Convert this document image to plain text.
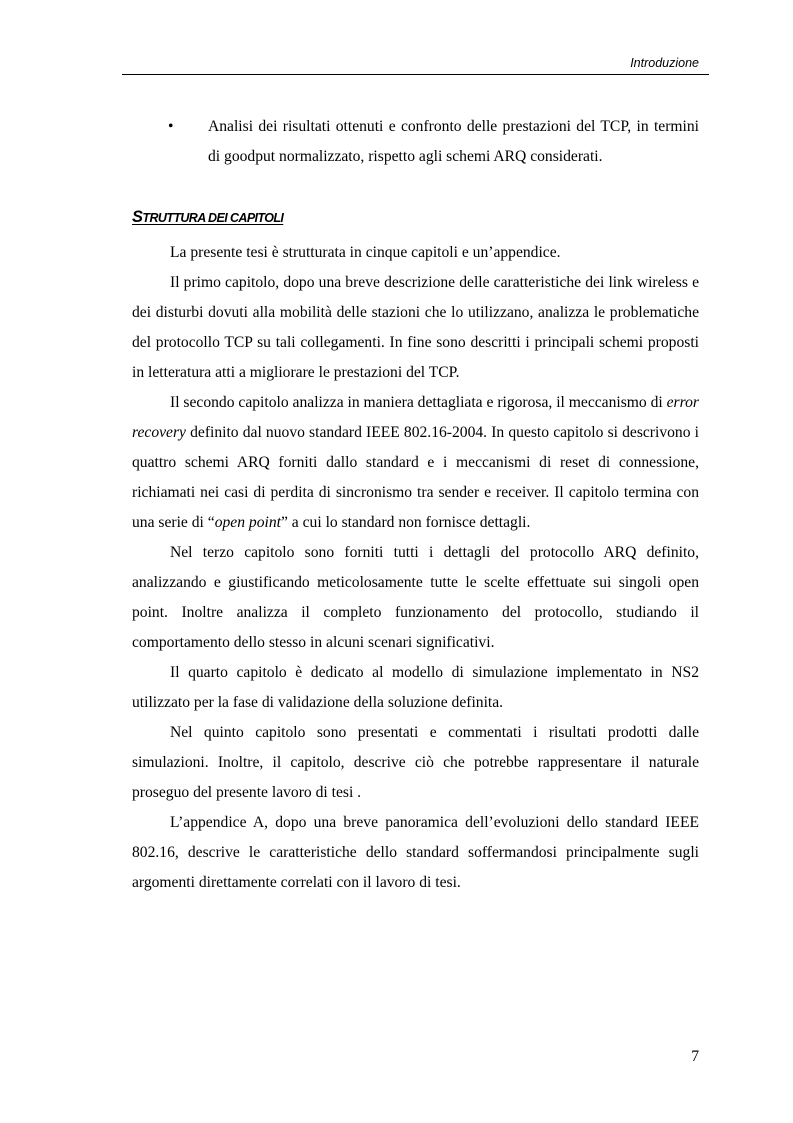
Introduzione
• Analisi dei risultati ottenuti e confronto delle prestazioni del TCP, in termini di goodput normalizzato, rispetto agli schemi ARQ considerati.
STRUTTURA DEI CAPITOLI

La presente tesi è strutturata in cinque capitoli e un’appendice.

Il primo capitolo, dopo una breve descrizione delle caratteristiche dei link wireless e dei disturbi dovuti alla mobilità delle stazioni che lo utilizzano, analizza le problematiche del protocollo TCP su tali collegamenti. In fine sono descritti i principali schemi proposti in letteratura atti a migliorare le prestazioni del TCP.

Il secondo capitolo analizza in maniera dettagliata e rigorosa, il meccanismo di error recovery definito dal nuovo standard IEEE 802.16-2004. In questo capitolo si descrivono i quattro schemi ARQ forniti dallo standard e i meccanismi di reset di connessione, richiamati nei casi di perdita di sincronismo tra sender e receiver. Il capitolo termina con una serie di “open point” a cui lo standard non fornisce dettagli.

Nel terzo capitolo sono forniti tutti i dettagli del protocollo ARQ definito, analizzando e giustificando meticolosamente tutte le scelte effettuate sui singoli open point. Inoltre analizza il completo funzionamento del protocollo, studiando il comportamento dello stesso in alcuni scenari significativi.

Il quarto capitolo è dedicato al modello di simulazione implementato in NS2 utilizzato per la fase di validazione della soluzione definita.

Nel quinto capitolo sono presentati e commentati i risultati prodotti dalle simulazioni. Inoltre, il capitolo, descrive ciò che potrebbe rappresentare il naturale proseguo del presente lavoro di tesi .

L’appendice A, dopo una breve panoramica dell’evoluzioni dello standard IEEE 802.16, descrive le caratteristiche dello standard soffermandosi principalmente sugli argomenti direttamente correlati con il lavoro di tesi.

7
